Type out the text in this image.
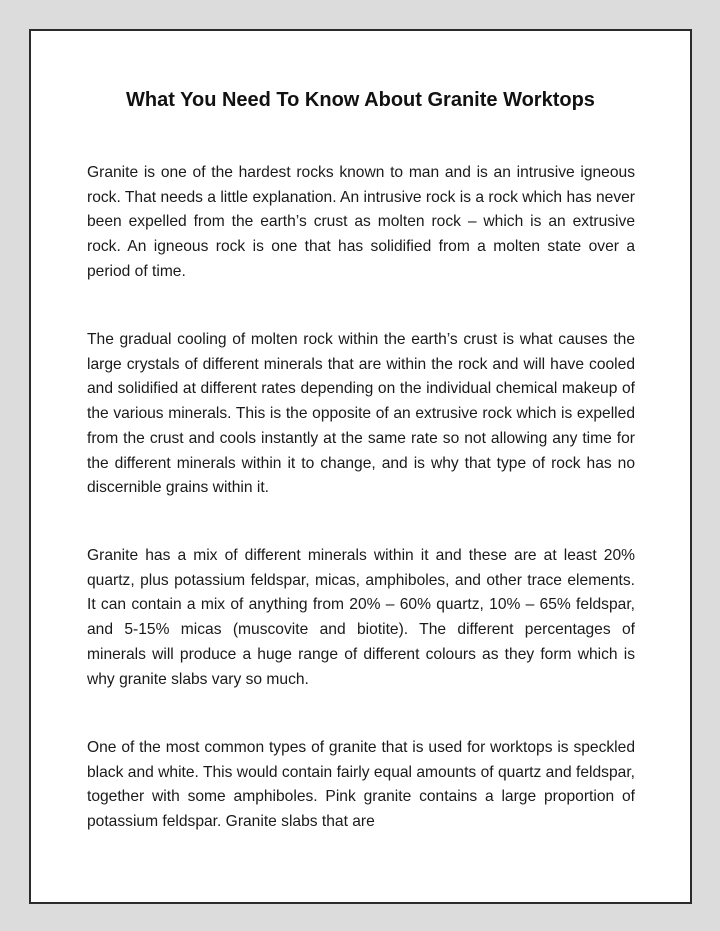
What You Need To Know About Granite Worktops

Granite is one of the hardest rocks known to man and is an intrusive igneous rock. That needs a little explanation. An intrusive rock is a rock which has never been expelled from the earth’s crust as molten rock – which is an extrusive rock. An igneous rock is one that has solidified from a molten state over a period of time.

The gradual cooling of molten rock within the earth’s crust is what causes the large crystals of different minerals that are within the rock and will have cooled and solidified at different rates depending on the individual chemical makeup of the various minerals. This is the opposite of an extrusive rock which is expelled from the crust and cools instantly at the same rate so not allowing any time for the different minerals within it to change, and is why that type of rock has no discernible grains within it.

Granite has a mix of different minerals within it and these are at least 20% quartz, plus potassium feldspar, micas, amphiboles, and other trace elements. It can contain a mix of anything from 20% – 60% quartz, 10% – 65% feldspar, and 5-15% micas (muscovite and biotite). The different percentages of minerals will produce a huge range of different colours as they form which is why granite slabs vary so much.

One of the most common types of granite that is used for worktops is speckled black and white. This would contain fairly equal amounts of quartz and feldspar, together with some amphiboles. Pink granite contains a large proportion of potassium feldspar. Granite slabs that are
